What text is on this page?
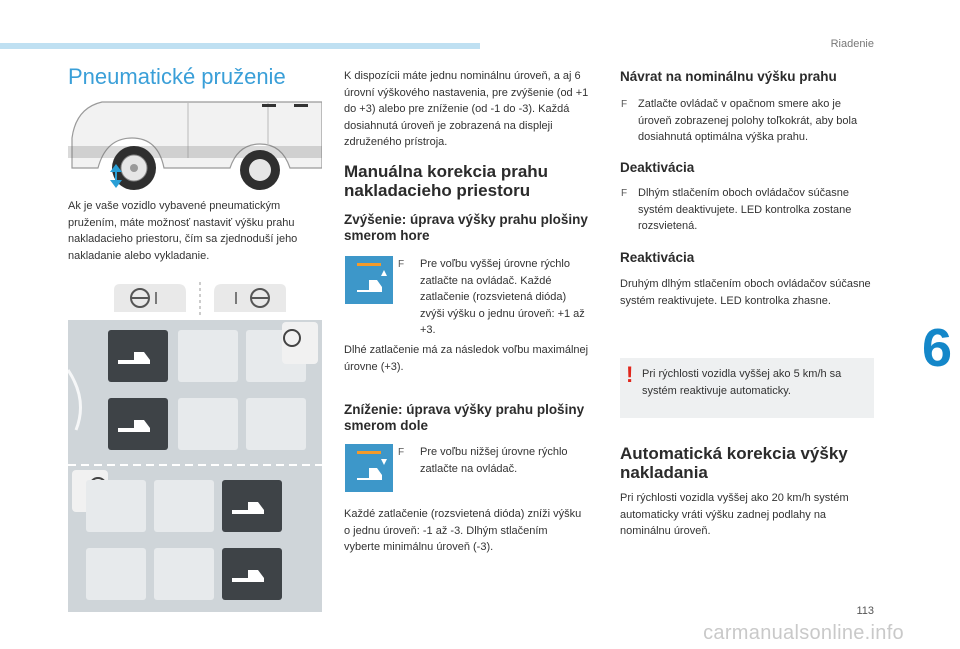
Riadenie
6
113
carmanualsonline.info
Pneumatické pruženie
Ak je vaše vozidlo vybavené pneumatickým pružením, máte možnosť nastaviť výšku prahu nakladacieho priestoru, čím sa zjednoduší jeho nakladanie alebo vykladanie.
K dispozícii máte jednu nominálnu úroveň, a aj 6 úrovní výškového nastavenia, pre zvýšenie (od +1 do +3) alebo pre zníženie (od -1 do -3). Každá dosiahnutá úroveň je zobrazená na displeji združeného prístroja.
Manuálna korekcia prahu nakladacieho priestoru
Zvýšenie: úprava výšky prahu plošiny smerom hore
F Pre voľbu vyššej úrovne rýchlo zatlačte na ovládač. Každé zatlačenie (rozsvietená dióda) zvýši výšku o jednu úroveň: +1 až +3.
Dlhé zatlačenie má za následok voľbu maximálnej úrovne (+3).
Zníženie: úprava výšky prahu plošiny smerom dole
F Pre voľbu nižšej úrovne rýchlo zatlačte na ovládač.
Každé zatlačenie (rozsvietená dióda) zníži výšku o jednu úroveň: -1 až -3. Dlhým stlačením vyberte minimálnu úroveň (-3).
Návrat na nominálnu výšku prahu
F Zatlačte ovládač v opačnom smere ako je úroveň zobrazenej polohy toľkokrát, aby bola dosiahnutá optimálna výška prahu.
Deaktivácia
F Dlhým stlačením oboch ovládačov súčasne systém deaktivujete. LED kontrolka zostane rozsvietená.
Reaktivácia
Druhým dlhým stlačením oboch ovládačov súčasne systém reaktivujete. LED kontrolka zhasne.
! Pri rýchlosti vozidla vyššej ako 5 km/h sa systém reaktivuje automaticky.
Automatická korekcia výšky nakladania
Pri rýchlosti vozidla vyššej ako 20 km/h systém automaticky vráti výšku zadnej podlahy na nominálnu úroveň.
